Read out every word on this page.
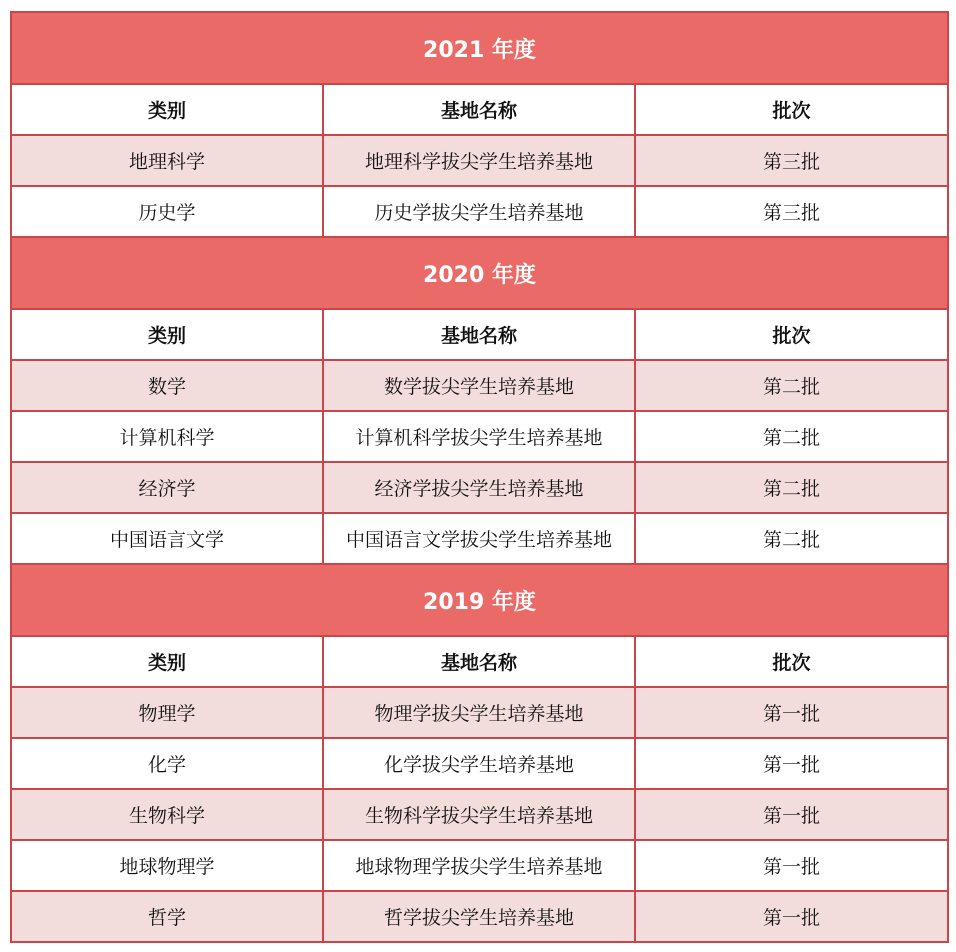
2021 年度		
类别	基地名称	批次
地理科学	地理科学拔尖学生培养基地	第三批
历史学	历史学拔尖学生培养基地	第三批
2020 年度		
类别	基地名称	批次
数学	数学拔尖学生培养基地	第二批
计算机科学	计算机科学拔尖学生培养基地	第二批
经济学	经济学拔尖学生培养基地	第二批
中国语言文学	中国语言文学拔尖学生培养基地	第二批
2019 年度		
类别	基地名称	批次
物理学	物理学拔尖学生培养基地	第一批
化学	化学拔尖学生培养基地	第一批
生物科学	生物科学拔尖学生培养基地	第一批
地球物理学	地球物理学拔尖学生培养基地	第一批
哲学	哲学拔尖学生培养基地	第一批
